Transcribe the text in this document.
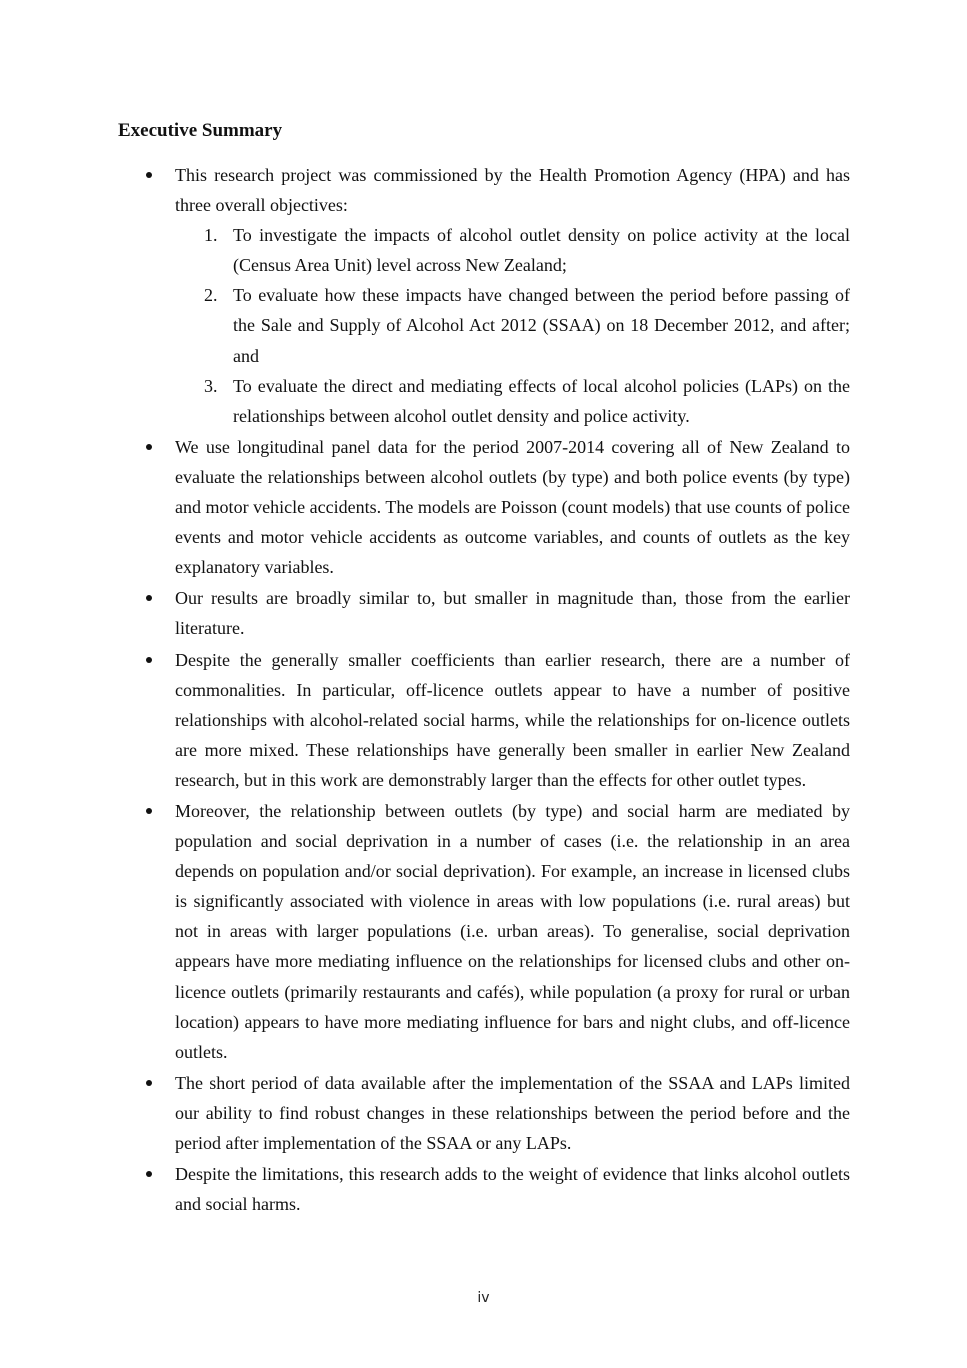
Executive Summary
This research project was commissioned by the Health Promotion Agency (HPA) and has three overall objectives:
1. To investigate the impacts of alcohol outlet density on police activity at the local (Census Area Unit) level across New Zealand;
2. To evaluate how these impacts have changed between the period before passing of the Sale and Supply of Alcohol Act 2012 (SSAA) on 18 December 2012, and after; and
3. To evaluate the direct and mediating effects of local alcohol policies (LAPs) on the relationships between alcohol outlet density and police activity.
We use longitudinal panel data for the period 2007-2014 covering all of New Zealand to evaluate the relationships between alcohol outlets (by type) and both police events (by type) and motor vehicle accidents. The models are Poisson (count models) that use counts of police events and motor vehicle accidents as outcome variables, and counts of outlets as the key explanatory variables.
Our results are broadly similar to, but smaller in magnitude than, those from the earlier literature.
Despite the generally smaller coefficients than earlier research, there are a number of commonalities. In particular, off-licence outlets appear to have a number of positive relationships with alcohol-related social harms, while the relationships for on-licence outlets are more mixed. These relationships have generally been smaller in earlier New Zealand research, but in this work are demonstrably larger than the effects for other outlet types.
Moreover, the relationship between outlets (by type) and social harm are mediated by population and social deprivation in a number of cases (i.e. the relationship in an area depends on population and/or social deprivation). For example, an increase in licensed clubs is significantly associated with violence in areas with low populations (i.e. rural areas) but not in areas with larger populations (i.e. urban areas). To generalise, social deprivation appears have more mediating influence on the relationships for licensed clubs and other on-licence outlets (primarily restaurants and cafés), while population (a proxy for rural or urban location) appears to have more mediating influence for bars and night clubs, and off-licence outlets.
The short period of data available after the implementation of the SSAA and LAPs limited our ability to find robust changes in these relationships between the period before and the period after implementation of the SSAA or any LAPs.
Despite the limitations, this research adds to the weight of evidence that links alcohol outlets and social harms.
iv
